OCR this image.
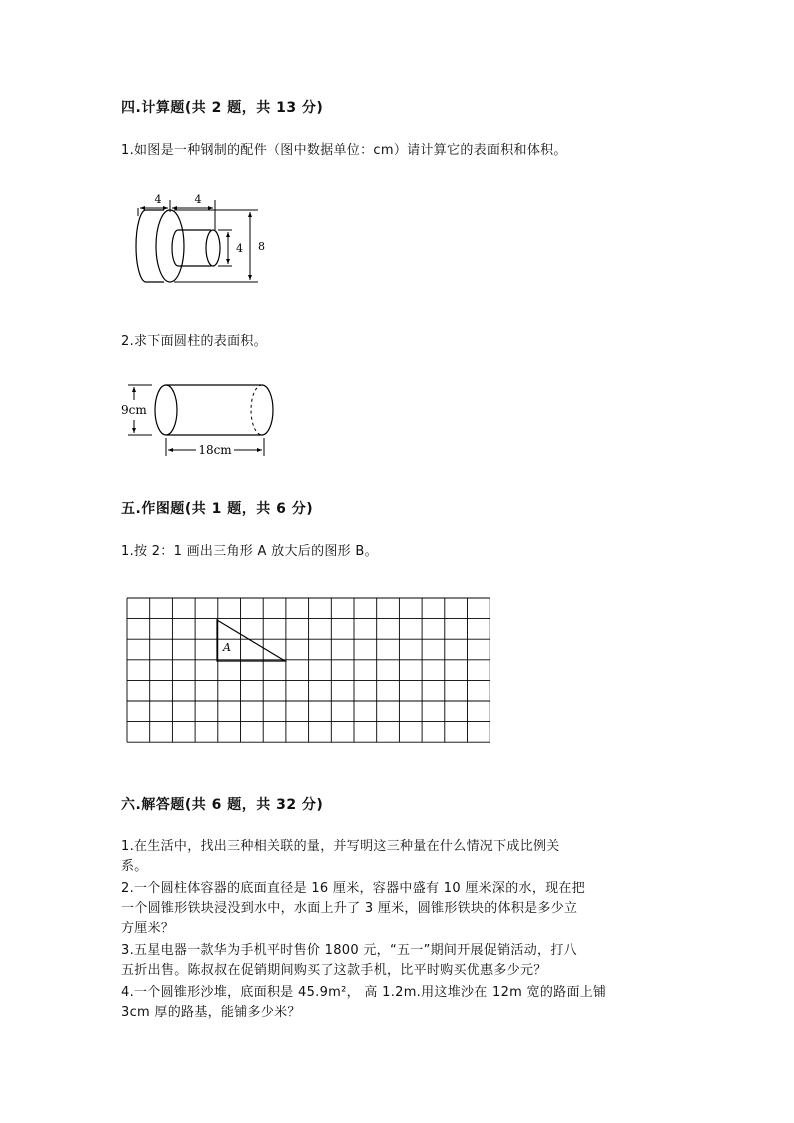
四.计算题(共 2 题，共 13 分)
1.如图是一种钢制的配件（图中数据单位：cm）请计算它的表面积和体积。
4	4
4 8
2.求下面圆柱的表面积。
9cm
18cm
五.作图题(共 1 题，共 6 分)
1.按 2：1 画出三角形 A 放大后的图形 B。
A
六.解答题(共 6 题，共 32 分)
1.在生活中，找出三种相关联的量，并写明这三种量在什么情况下成比例关
系。
2.一个圆柱体容器的底面直径是 16 厘米，容器中盛有 10 厘米深的水，现在把
一个圆锥形铁块浸没到水中，水面上升了 3 厘米，圆锥形铁块的体积是多少立
方厘米？
3.五星电器一款华为手机平时售价 1800 元，“五一”期间开展促销活动，打八
五折出售。陈叔叔在促销期间购买了这款手机，比平时购买优惠多少元？
4.一个圆锥形沙堆，底面积是 45.9m²， 高 1.2m.用这堆沙在 12m 宽的路面上铺
3cm 厚的路基，能铺多少米？
